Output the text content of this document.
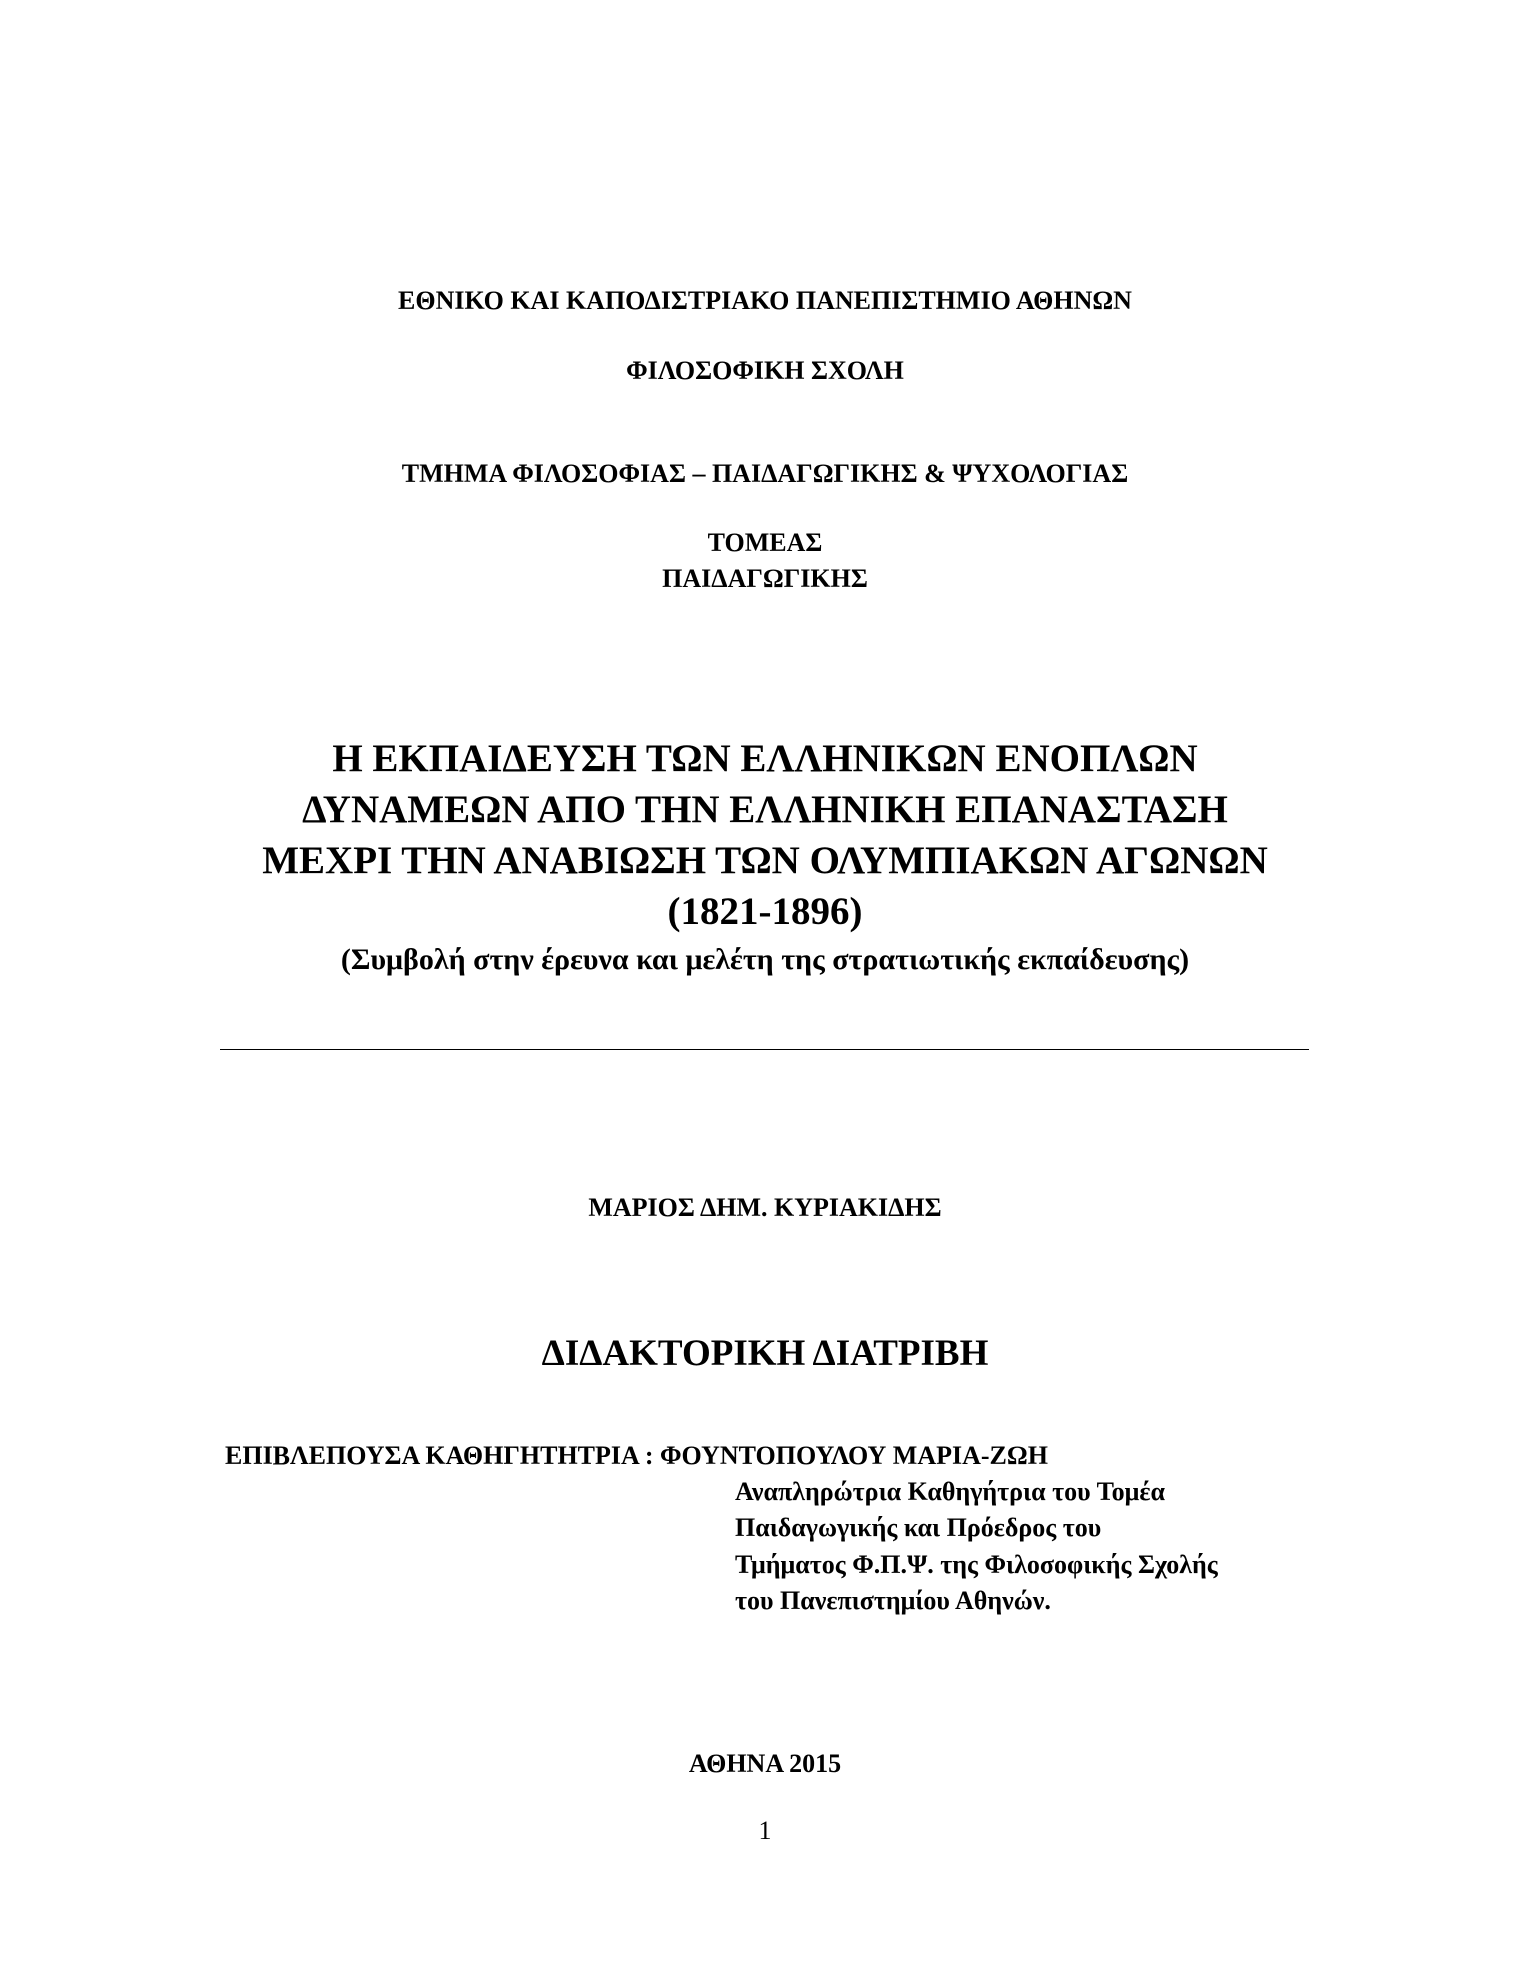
ΕΘΝΙΚΟ ΚΑΙ ΚΑΠΟΔΙΣΤΡΙΑΚΟ ΠΑΝΕΠΙΣΤΗΜΙΟ ΑΘΗΝΩΝ
ΦΙΛΟΣΟΦΙΚΗ ΣΧΟΛΗ
ΤΜΗΜΑ ΦΙΛΟΣΟΦΙΑΣ – ΠΑΙΔΑΓΩΓΙΚΗΣ & ΨΥΧΟΛΟΓΙΑΣ
ΤΟΜΕΑΣ
ΠΑΙΔΑΓΩΓΙΚΗΣ
Η ΕΚΠΑΙΔΕΥΣΗ ΤΩΝ ΕΛΛΗΝΙΚΩΝ ΕΝΟΠΛΩΝ
ΔΥΝΑΜΕΩΝ ΑΠΟ ΤΗΝ ΕΛΛΗΝΙΚΗ ΕΠΑΝΑΣΤΑΣΗ
ΜΕΧΡΙ ΤΗΝ ΑΝΑΒΙΩΣΗ ΤΩΝ ΟΛΥΜΠΙΑΚΩΝ ΑΓΩΝΩΝ
(1821-1896)
(Συμβολή στην έρευνα και μελέτη της στρατιωτικής εκπαίδευσης)
ΜΑΡΙΟΣ ΔΗΜ. ΚΥΡΙΑΚΙΔΗΣ
ΔΙΔΑΚΤΟΡΙΚΗ ΔΙΑΤΡΙΒΗ
ΕΠΙΒΛΕΠΟΥΣΑ ΚΑΘΗΓΗΤΗΤΡΙΑ : ΦΟΥΝΤΟΠΟΥΛΟΥ ΜΑΡΙΑ-ΖΩΗ
Αναπληρώτρια Καθηγήτρια του Τομέα
Παιδαγωγικής και Πρόεδρος του
Τμήματος Φ.Π.Ψ. της Φιλοσοφικής Σχολής
του Πανεπιστημίου Αθηνών.
ΑΘΗΝΑ 2015
1
